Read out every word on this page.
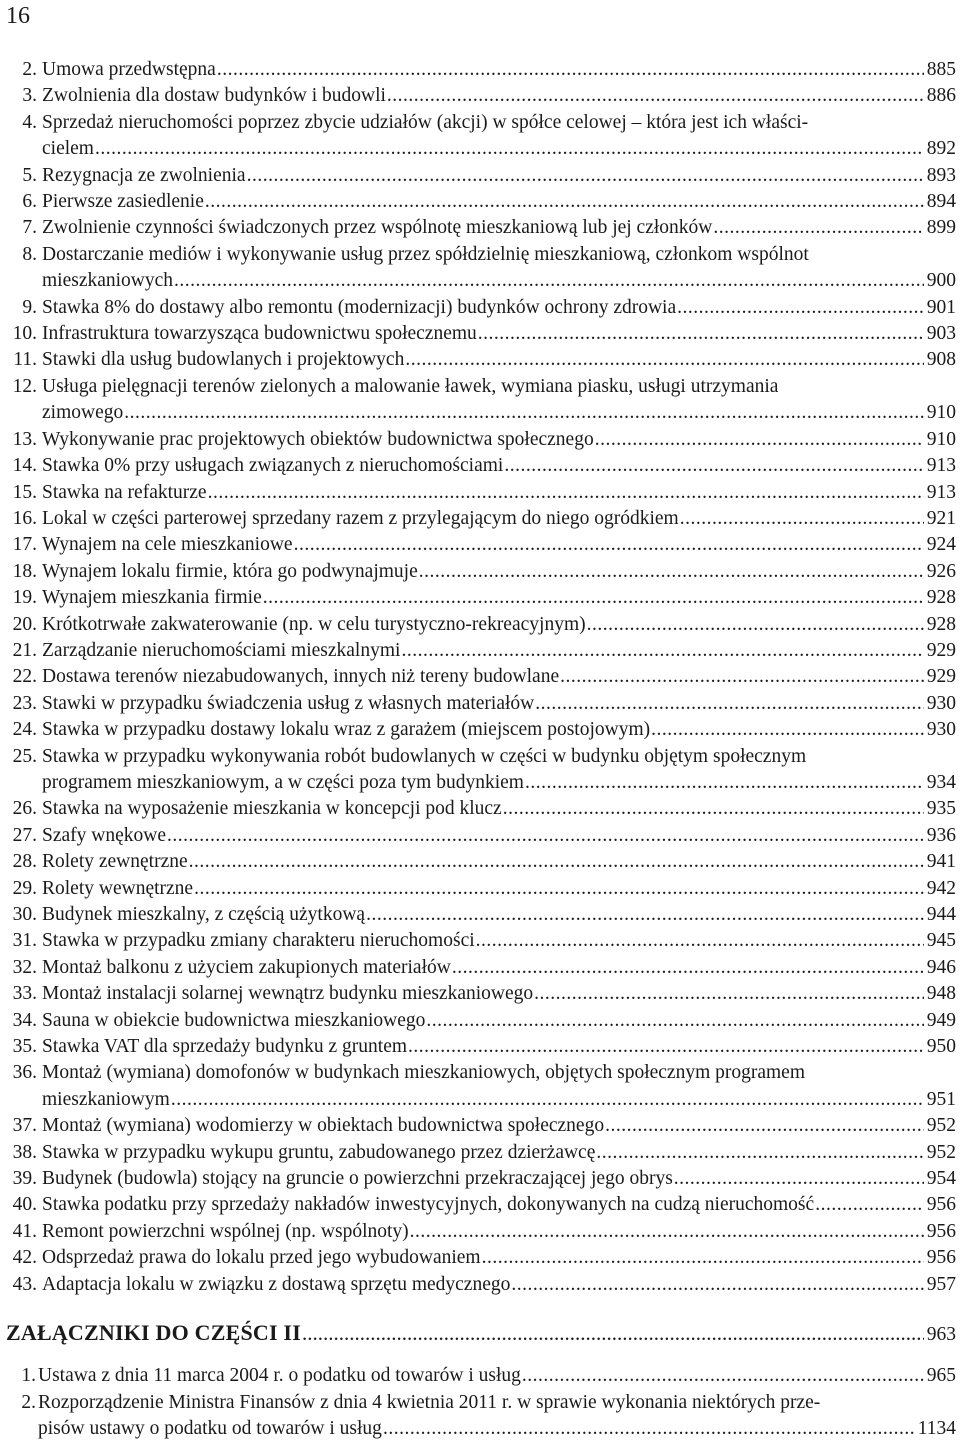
16
2. Umowa przedwstępna .....	885
3. Zwolnienia dla dostaw budynków i budowli .....	886
4. Sprzedaż nieruchomości poprzez zbycie udziałów (akcji) w spółce celowej – która jest ich właści-
cielem .....	892
5. Rezygnacja ze zwolnienia .....	893
6. Pierwsze zasiedlenie .....	894
7. Zwolnienie czynności świadczonych przez wspólnotę mieszkaniową lub jej członków .....	899
8. Dostarczanie mediów i wykonywanie usług przez spółdzielnię mieszkaniową, członkom wspólnot
mieszkaniowych .....	900
9. Stawka 8% do dostawy albo remontu (modernizacji) budynków ochrony zdrowia .....	901
10. Infrastruktura towarzysząca budownictwu społecznemu .....	903
11. Stawki dla usług budowlanych i projektowych .....	908
12. Usługa pielęgnacji terenów zielonych a malowanie ławek, wymiana piasku, usługi utrzymania
zimowego .....	910
13. Wykonywanie prac projektowych obiektów budownictwa społecznego .....	910
14. Stawka 0% przy usługach związanych z nieruchomościami .....	913
15. Stawka na refakturze .....	913
16. Lokal w części parterowej sprzedany razem z przylegającym do niego ogródkiem .....	921
17. Wynajem na cele mieszkaniowe .....	924
18. Wynajem lokalu firmie, która go podwynajmuje .....	926
19. Wynajem mieszkania firmie .....	928
20. Krótkotrwałe zakwaterowanie (np. w celu turystyczno-rekreacyjnym) .....	928
21. Zarządzanie nieruchomościami mieszkalnymi .....	929
22. Dostawa terenów niezabudowanych, innych niż tereny budowlane .....	929
23. Stawki w przypadku świadczenia usług z własnych materiałów .....	930
24. Stawka w przypadku dostawy lokalu wraz z garażem (miejscem postojowym) .....	930
25. Stawka w przypadku wykonywania robót budowlanych w części w budynku objętym społecznym
programem mieszkaniowym, a w części poza tym budynkiem .....	934
26. Stawka na wyposażenie mieszkania w koncepcji pod klucz .....	935
27. Szafy wnękowe .....	936
28. Rolety zewnętrzne .....	941
29. Rolety wewnętrzne .....	942
30. Budynek mieszkalny, z częścią użytkową .....	944
31. Stawka w przypadku zmiany charakteru nieruchomości .....	945
32. Montaż balkonu z użyciem zakupionych materiałów .....	946
33. Montaż instalacji solarnej wewnątrz budynku mieszkaniowego .....	948
34. Sauna w obiekcie budownictwa mieszkaniowego .....	949
35. Stawka VAT dla sprzedaży budynku z gruntem .....	950
36. Montaż (wymiana) domofonów w budynkach mieszkaniowych, objętych społecznym programem
mieszkaniowym .....	951
37. Montaż (wymiana) wodomierzy w obiektach budownictwa społecznego .....	952
38. Stawka w przypadku wykupu gruntu, zabudowanego przez dzierżawcę .....	952
39. Budynek (budowla) stojący na gruncie o powierzchni przekraczającej jego obrys .....	954
40. Stawka podatku przy sprzedaży nakładów inwestycyjnych, dokonywanych na cudzą nieruchomość .....	956
41. Remont powierzchni wspólnej (np. wspólnoty) .....	956
42. Odsprzedaż prawa do lokalu przed jego wybudowaniem .....	956
43. Adaptacja lokalu w związku z dostawą sprzętu medycznego .....	957
ZAŁĄCZNIKI DO CZĘŚCI II .....	963
1. Ustawa z dnia 11 marca 2004 r. o podatku od towarów i usług .....	965
2. Rozporządzenie Ministra Finansów z dnia 4 kwietnia 2011 r. w sprawie wykonania niektórych prze-
pisów ustawy o podatku od towarów i usług .....	1134
